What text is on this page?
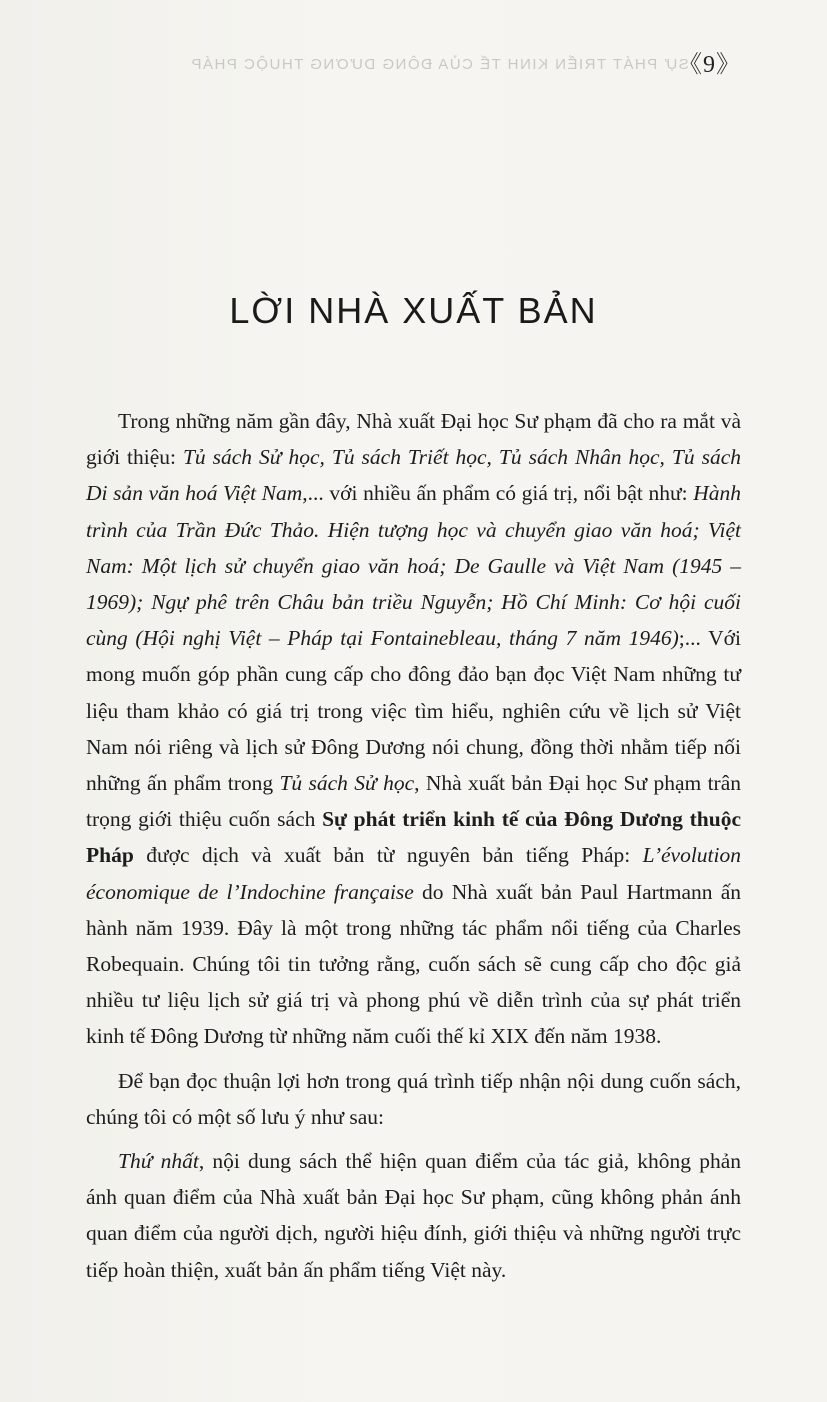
SỰ PHÁT TRIỂN KINH TẾ CỦA ĐÔNG DƯƠNG THUỘC PHÁP
《9》
LỜI NHÀ XUẤT BẢN

Trong những năm gần đây, Nhà xuất Đại học Sư phạm đã cho ra mắt và giới thiệu: Tủ sách Sử học, Tủ sách Triết học, Tủ sách Nhân học, Tủ sách Di sản văn hoá Việt Nam,... với nhiều ấn phẩm có giá trị, nổi bật như: Hành trình của Trần Đức Thảo. Hiện tượng học và chuyển giao văn hoá; Việt Nam: Một lịch sử chuyển giao văn hoá; De Gaulle và Việt Nam (1945 – 1969); Ngự phê trên Châu bản triều Nguyễn; Hồ Chí Minh: Cơ hội cuối cùng (Hội nghị Việt – Pháp tại Fontainebleau, tháng 7 năm 1946);... Với mong muốn góp phần cung cấp cho đông đảo bạn đọc Việt Nam những tư liệu tham khảo có giá trị trong việc tìm hiểu, nghiên cứu về lịch sử Việt Nam nói riêng và lịch sử Đông Dương nói chung, đồng thời nhằm tiếp nối những ấn phẩm trong Tủ sách Sử học, Nhà xuất bản Đại học Sư phạm trân trọng giới thiệu cuốn sách Sự phát triển kinh tế của Đông Dương thuộc Pháp được dịch và xuất bản từ nguyên bản tiếng Pháp: L’évolution économique de l’Indochine française do Nhà xuất bản Paul Hartmann ấn hành năm 1939. Đây là một trong những tác phẩm nổi tiếng của Charles Robequain. Chúng tôi tin tưởng rằng, cuốn sách sẽ cung cấp cho độc giả nhiều tư liệu lịch sử giá trị và phong phú về diễn trình của sự phát triển kinh tế Đông Dương từ những năm cuối thế kỉ XIX đến năm 1938.

Để bạn đọc thuận lợi hơn trong quá trình tiếp nhận nội dung cuốn sách, chúng tôi có một số lưu ý như sau:

Thứ nhất, nội dung sách thể hiện quan điểm của tác giả, không phản ánh quan điểm của Nhà xuất bản Đại học Sư phạm, cũng không phản ánh quan điểm của người dịch, người hiệu đính, giới thiệu và những người trực tiếp hoàn thiện, xuất bản ấn phẩm tiếng Việt này.
